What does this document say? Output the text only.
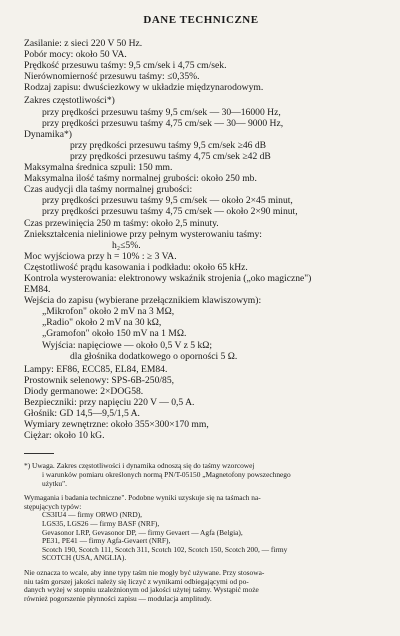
DANE TECHNICZNE
Zasilanie: z sieci 220 V 50 Hz.
Pobór mocy: około 50 VA.
Prędkość przesuwu taśmy: 9,5 cm/sek i 4,75 cm/sek.
Nierównomierność przesuwu taśmy: ≤0,35%.
Rodzaj zapisu: dwuściezkowy w układzie międzynarodowym.
Zakres częstotliwości*)
przy prędkości przesuwu taśmy 9,5 cm/sek — 30—16000 Hz,
przy prędkości przesuwu taśmy 4,75 cm/sek — 30— 9000 Hz,
Dynamika*)
przy prędkości przesuwu taśmy 9,5 cm/sek ≥46 dB
przy prędkości przesuwu taśmy 4,75 cm/sek ≥42 dB
Maksymalna średnica szpuli: 150 mm.
Maksymalna ilość taśmy normalnej grubości: około 250 mb.
Czas audycji dla taśmy normalnej grubości:
przy prędkości przesuwu taśmy 9,5 cm/sek — około 2×45 minut,
przy prędkości przesuwu taśmy 4,75 cm/sek — około 2×90 minut,
Czas przewinięcia 250 m taśmy: około 2,5 minuty.
Zniekształcenia nieliniowe przy pełnym wysterowaniu taśmy:
h₂≤5%.
Moc wyjściowa przy h = 10% : ≥ 3 VA.
Częstotliwość prądu kasowania i podkładu: około 65 kHz.
Kontrola wysterowania: elektronowy wskaźnik strojenia („oko magiczne")
EM84.
Wejścia do zapisu (wybierane przełącznikiem klawiszowym):
„Mikrofon" około 2 mV na 3 MΩ,
„Radio" około 2 mV na 30 kΩ,
„Gramofon" około 150 mV na 1 MΩ.
Wyjścia: napięciowe — około 0,5 V z 5 kΩ;
dla głośnika dodatkowego o oporności 5 Ω.
Lampy: EF86, ECC85, EL84, EM84.
Prostownik selenowy: SPS-6B-250/85,
Diody germanowe: 2×DOG58.
Bezpieczniki: przy napięciu 220 V — 0,5 A.
Głośnik: GD 14,5—9,5/1,5 A.
Wymiary zewnętrzne: około 355×300×170 mm,
Ciężar: około 10 kG.
*) Uwaga. Zakres częstotliwości i dynamika odnoszą się do taśmy wzorcowej
i warunków pomiaru określonych normą PN/T-05150 „Magnetofony powszechnego
użytku".
Wymagania i badania techniczne". Podobne wyniki uzyskuje się na taśmach na-
stępujących typów:
CS3IU4 — firmy ORWO (NRD),
LGS35, LGS26 — firmy BASF (NRF),
Gevasonor LRP, Gevasonor DP, — firmy Gevaert — Agfa (Belgia),
PE31, PE41 — firmy Agfa-Gevaert (NRF),
Scotch 190, Scotch 111, Scotch 311, Scotch 102, Scotch 150, Scotch 200, — firmy
SCOTCH (USA, ANGLIA).
Nie oznacza to wcale, aby inne typy taśm nie mogły być używane. Przy stosowa-
niu taśm gorszej jakości należy się liczyć z wynikami odbiegającymi od po-
danych wyżej w stopniu uzależnionym od jakości użytej taśmy. Wystąpić może
również pogorszenie płynności zapisu — modulacja amplitudy.
